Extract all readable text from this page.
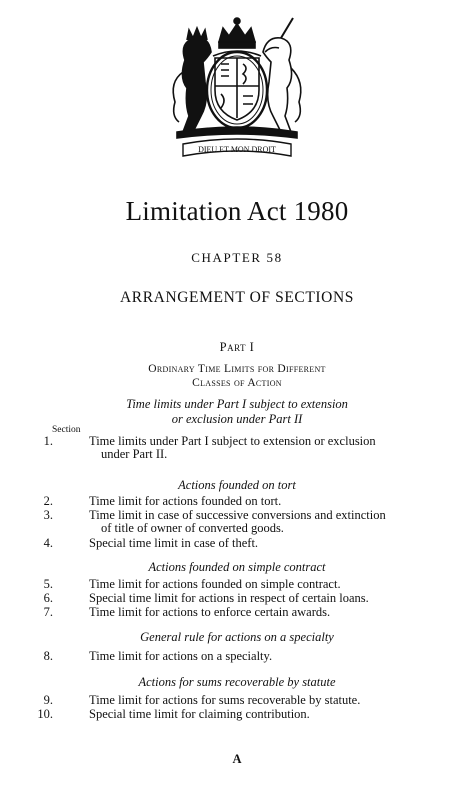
DIEU ET MON DROIT
Limitation Act 1980
CHAPTER 58
ARRANGEMENT OF SECTIONS
Part I
Ordinary Time Limits for Different
Classes of Action
Time limits under Part I subject to extension
or exclusion under Part II
Section
1.	Time limits under Part I subject to extension or exclusion
under Part II.
Actions founded on tort
2.	Time limit for actions founded on tort.
3.	Time limit in case of successive conversions and extinction
of title of owner of converted goods.
4.	Special time limit in case of theft.
Actions founded on simple contract
5.	Time limit for actions founded on simple contract.
6.	Special time limit for actions in respect of certain loans.
7.	Time limit for actions to enforce certain awards.
General rule for actions on a specialty
8.	Time limit for actions on a specialty.
Actions for sums recoverable by statute
9.	Time limit for actions for sums recoverable by statute.
10.	Special time limit for claiming contribution.
A
